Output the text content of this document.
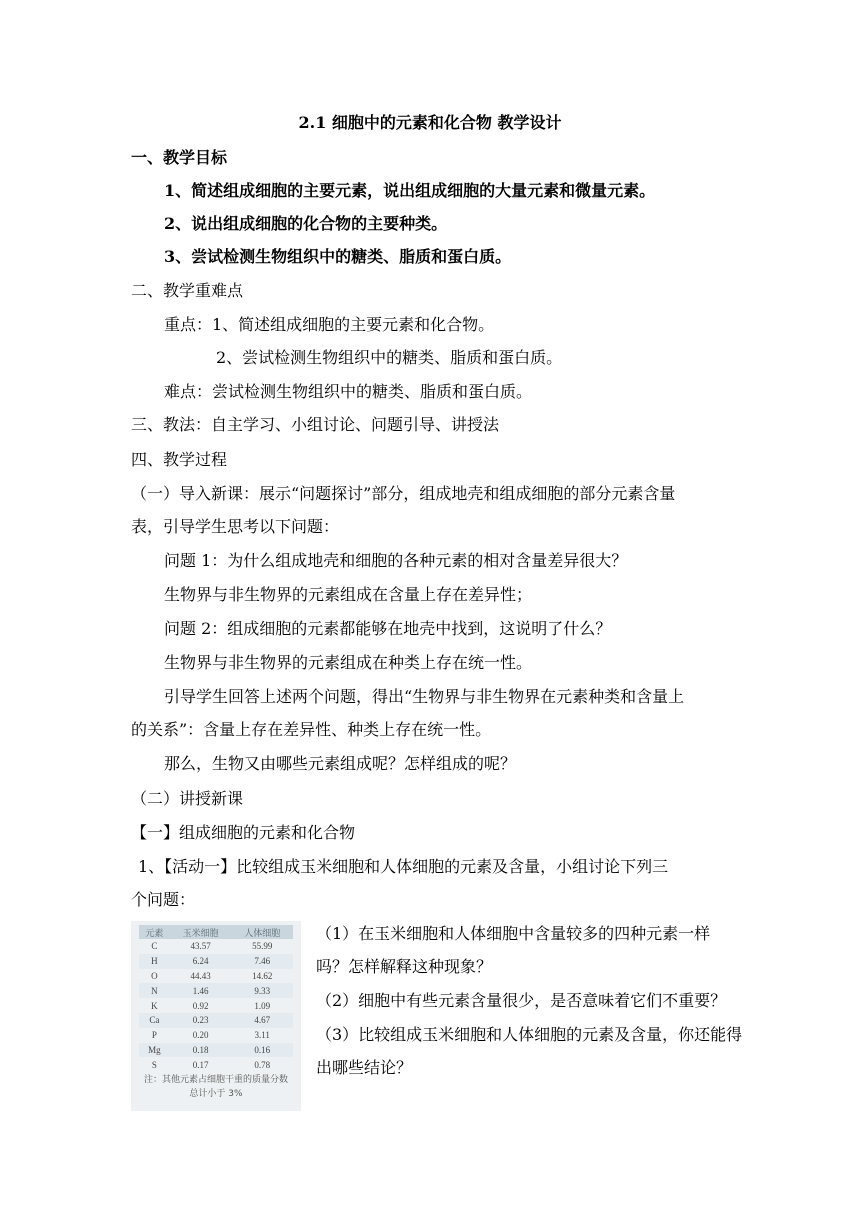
2.1 细胞中的元素和化合物 教学设计
一、教学目标
1、简述组成细胞的主要元素，说出组成细胞的大量元素和微量元素。
2、说出组成细胞的化合物的主要种类。
3、尝试检测生物组织中的糖类、脂质和蛋白质。
二、教学重难点
重点：1、简述组成细胞的主要元素和化合物。
2、尝试检测生物组织中的糖类、脂质和蛋白质。
难点：尝试检测生物组织中的糖类、脂质和蛋白质。
三、教法：自主学习、小组讨论、问题引导、讲授法
四、教学过程
（一）导入新课：展示“问题探讨”部分，组成地壳和组成细胞的部分元素含量
表，引导学生思考以下问题：
问题 1：为什么组成地壳和细胞的各种元素的相对含量差异很大？
生物界与非生物界的元素组成在含量上存在差异性；
问题 2：组成细胞的元素都能够在地壳中找到，这说明了什么？
生物界与非生物界的元素组成在种类上存在统一性。
引导学生回答上述两个问题，得出“生物界与非生物界在元素种类和含量上
的关系”：含量上存在差异性、种类上存在统一性。
那么，生物又由哪些元素组成呢？怎样组成的呢？
（二）讲授新课
【一】组成细胞的元素和化合物
1、【活动一】比较组成玉米细胞和人体细胞的元素及含量，小组讨论下列三
个问题：
元素	玉米细胞	人体细胞
C	43.57	55.99
H	6.24	7.46
O	44.43	14.62
N	1.46	9.33
K	0.92	1.09
Ca	0.23	4.67
P	0.20	3.11
Mg	0.18	0.16
S	0.17	0.78
注：其他元素占细胞干重的质量分数
总计小于 3%
（1）在玉米细胞和人体细胞中含量较多的四种元素一样
吗？怎样解释这种现象？
（2）细胞中有些元素含量很少，是否意味着它们不重要？
（3）比较组成玉米细胞和人体细胞的元素及含量，你还能得
出哪些结论？
